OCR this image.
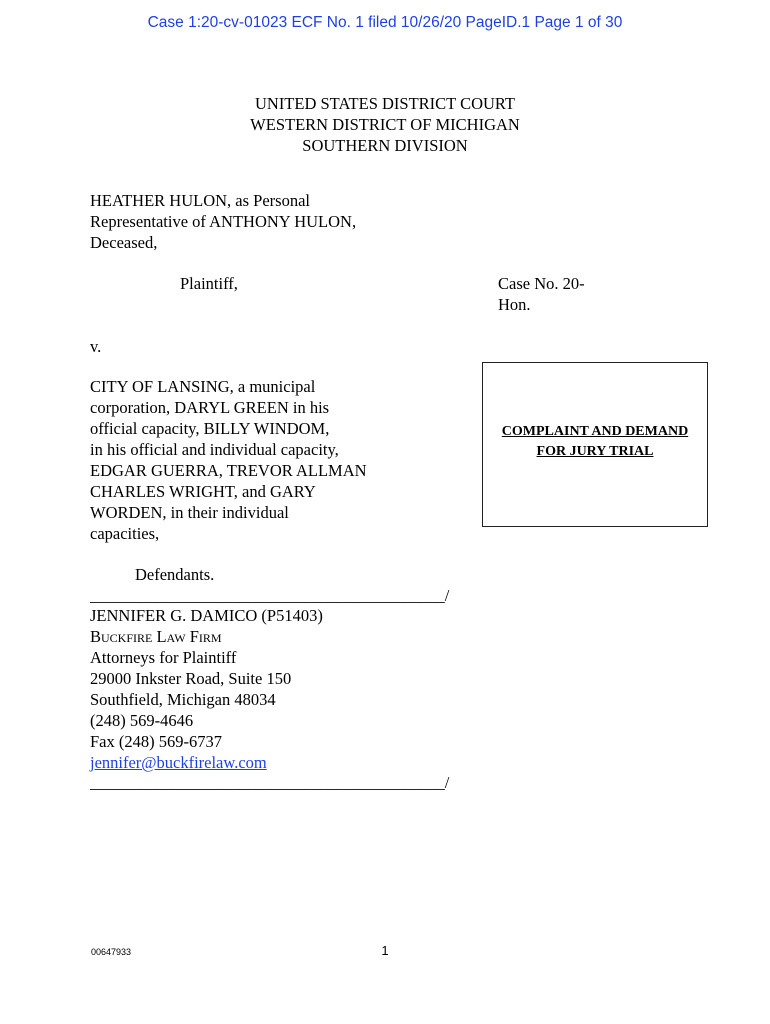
Case 1:20-cv-01023 ECF No. 1 filed 10/26/20 PageID.1 Page 1 of 30
UNITED STATES DISTRICT COURT
WESTERN DISTRICT OF MICHIGAN
SOUTHERN DIVISION
HEATHER HULON, as Personal
Representative of ANTHONY HULON,
Deceased,
Plaintiff,	Case No. 20-
Hon.
v.
CITY OF LANSING, a municipal
corporation, DARYL GREEN in his
official capacity, BILLY WINDOM,
in his official and individual capacity,
EDGAR GUERRA, TREVOR ALLMAN
CHARLES WRIGHT, and GARY
WORDEN, in their individual
capacities,
COMPLAINT AND DEMAND
FOR JURY TRIAL
Defendants.
___________________________________________/
JENNIFER G. DAMICO (P51403)
Buckfire Law Firm
Attorneys for Plaintiff
29000 Inkster Road, Suite 150
Southfield, Michigan 48034
(248) 569-4646
Fax (248) 569-6737
jennifer@buckfirelaw.com
___________________________________________/
00647933	1
